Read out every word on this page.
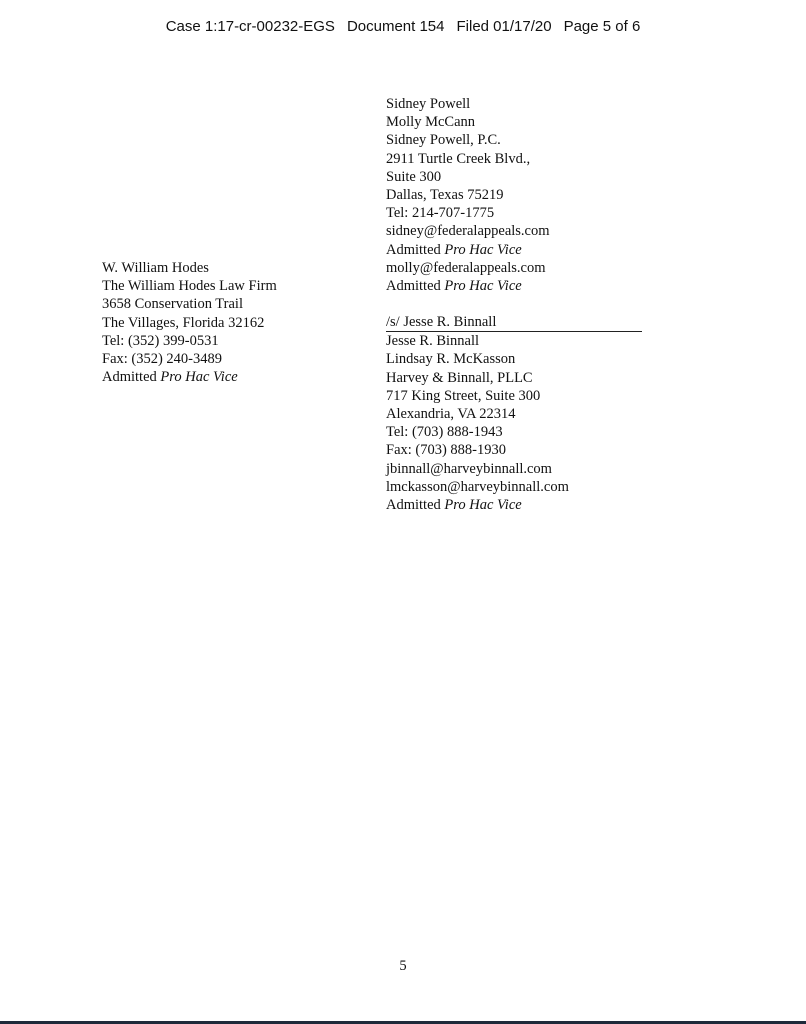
Case 1:17-cr-00232-EGS Document 154 Filed 01/17/20 Page 5 of 6
Sidney Powell
Molly McCann
Sidney Powell, P.C.
2911 Turtle Creek Blvd.,
Suite 300
Dallas, Texas 75219
Tel: 214-707-1775
sidney@federalappeals.com
Admitted Pro Hac Vice
molly@federalappeals.com
Admitted Pro Hac Vice
W. William Hodes
The William Hodes Law Firm
3658 Conservation Trail
The Villages, Florida 32162
Tel: (352) 399-0531
Fax: (352) 240-3489
Admitted Pro Hac Vice
/s/ Jesse R. Binnall
Jesse R. Binnall
Lindsay R. McKasson
Harvey & Binnall, PLLC
717 King Street, Suite 300
Alexandria, VA 22314
Tel: (703) 888-1943
Fax: (703) 888-1930
jbinnall@harveybinnall.com
lmckasson@harveybinnall.com
Admitted Pro Hac Vice
5
